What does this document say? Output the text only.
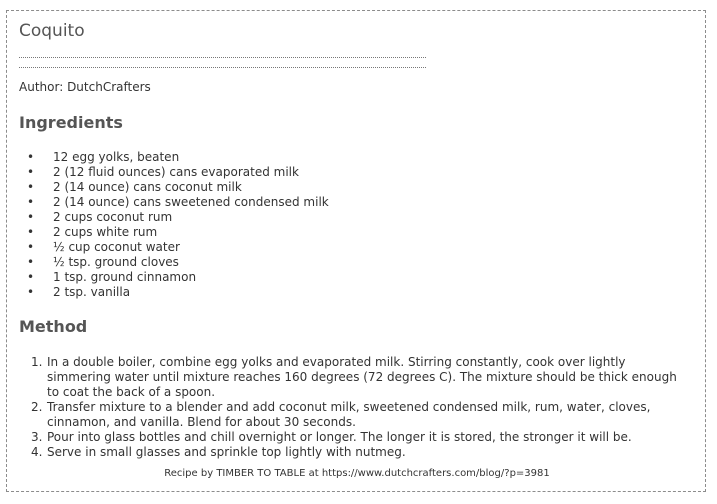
Coquito
Author: DutchCrafters
Ingredients
• 12 egg yolks, beaten
• 2 (12 fluid ounces) cans evaporated milk
• 2 (14 ounce) cans coconut milk
• 2 (14 ounce) cans sweetened condensed milk
• 2 cups coconut rum
• 2 cups white rum
• ½ cup coconut water
• ½ tsp. ground cloves
• 1 tsp. ground cinnamon
• 2 tsp. vanilla
Method
1. In a double boiler, combine egg yolks and evaporated milk. Stirring constantly, cook over lightly simmering water until mixture reaches 160 degrees (72 degrees C). The mixture should be thick enough to coat the back of a spoon.
2. Transfer mixture to a blender and add coconut milk, sweetened condensed milk, rum, water, cloves, cinnamon, and vanilla. Blend for about 30 seconds.
3. Pour into glass bottles and chill overnight or longer. The longer it is stored, the stronger it will be.
4. Serve in small glasses and sprinkle top lightly with nutmeg.
Recipe by TIMBER TO TABLE at https://www.dutchcrafters.com/blog/?p=3981
